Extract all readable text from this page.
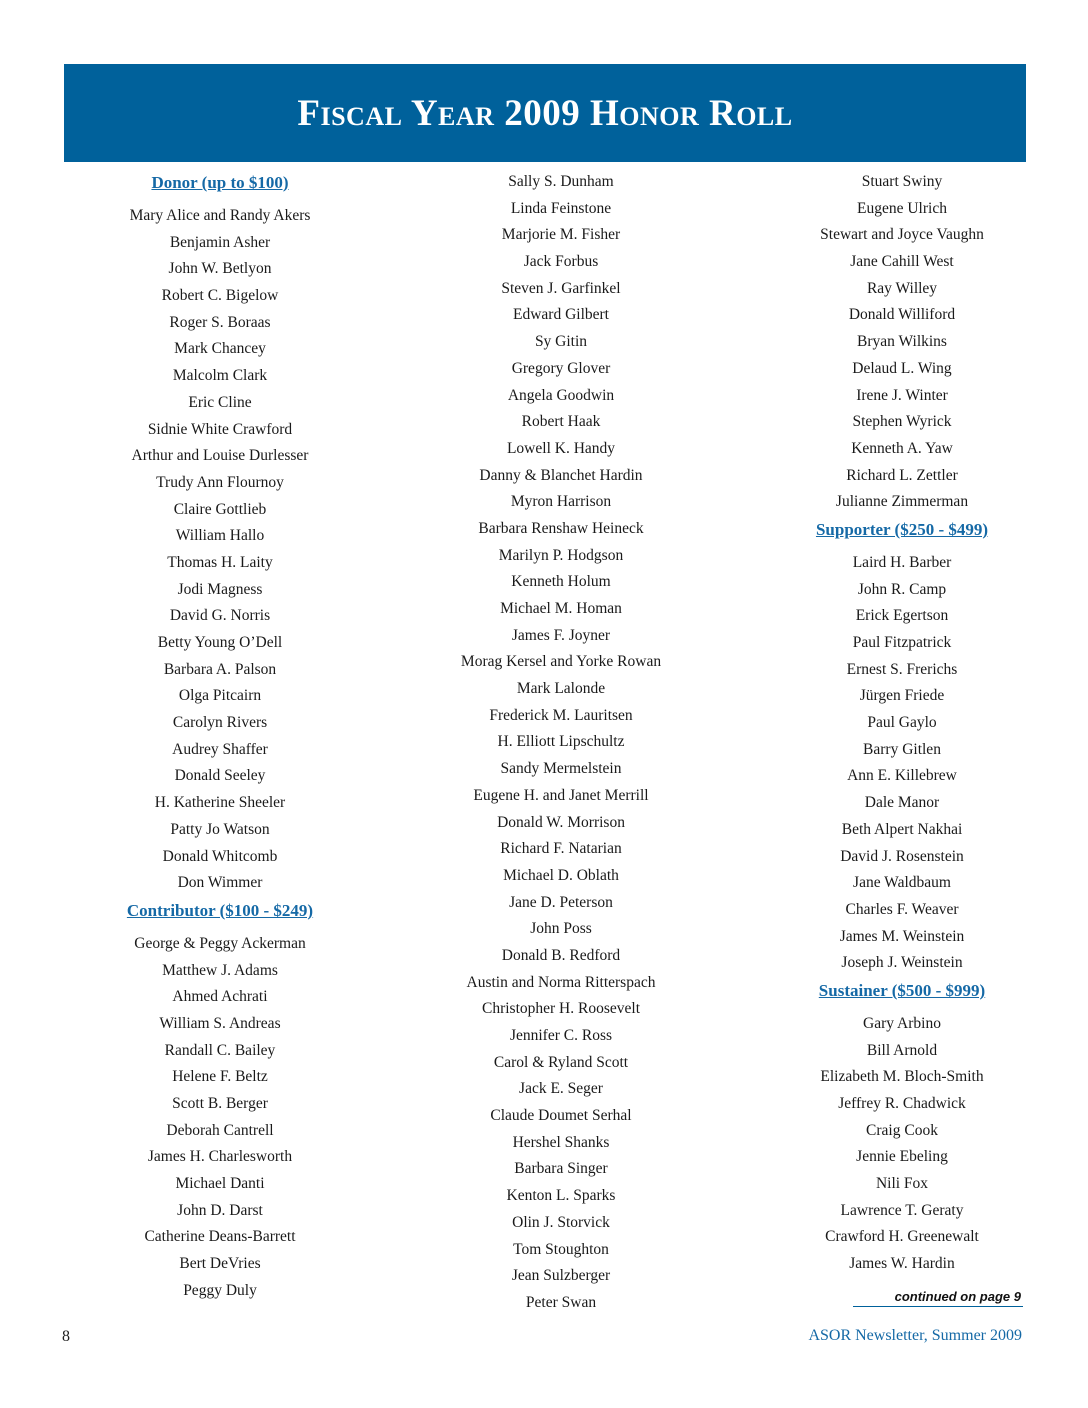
Fiscal Year 2009 Honor Roll
Donor (up to $100)
Mary Alice and Randy Akers
Benjamin Asher
John W. Betlyon
Robert C. Bigelow
Roger S. Boraas
Mark Chancey
Malcolm Clark
Eric Cline
Sidnie White Crawford
Arthur and Louise Durlesser
Trudy Ann Flournoy
Claire Gottlieb
William Hallo
Thomas H. Laity
Jodi Magness
David G. Norris
Betty Young O’Dell
Barbara A. Palson
Olga Pitcairn
Carolyn Rivers
Audrey Shaffer
Donald Seeley
H. Katherine Sheeler
Patty Jo Watson
Donald Whitcomb
Don Wimmer
Contributor ($100 - $249)
George & Peggy Ackerman
Matthew J. Adams
Ahmed Achrati
William S. Andreas
Randall C. Bailey
Helene F. Beltz
Scott B. Berger
Deborah Cantrell
James H. Charlesworth
Michael Danti
John D. Darst
Catherine Deans-Barrett
Bert DeVries
Peggy Duly
Sally S. Dunham
Linda Feinstone
Marjorie M. Fisher
Jack Forbus
Steven J. Garfinkel
Edward Gilbert
Sy Gitin
Gregory Glover
Angela Goodwin
Robert Haak
Lowell K. Handy
Danny & Blanchet Hardin
Myron Harrison
Barbara Renshaw Heineck
Marilyn P. Hodgson
Kenneth Holum
Michael M. Homan
James F. Joyner
Morag Kersel and Yorke Rowan
Mark Lalonde
Frederick M. Lauritsen
H. Elliott Lipschultz
Sandy Mermelstein
Eugene H. and Janet Merrill
Donald W. Morrison
Richard F. Natarian
Michael D. Oblath
Jane D. Peterson
John Poss
Donald B. Redford
Austin and Norma Ritterspach
Christopher H. Roosevelt
Jennifer C. Ross
Carol & Ryland Scott
Jack E. Seger
Claude Doumet Serhal
Hershel Shanks
Barbara Singer
Kenton L. Sparks
Olin J. Storvick
Tom Stoughton
Jean Sulzberger
Peter Swan
Stuart Swiny
Eugene Ulrich
Stewart and Joyce Vaughn
Jane Cahill West
Ray Willey
Donald Williford
Bryan Wilkins
Delaud L. Wing
Irene J. Winter
Stephen Wyrick
Kenneth A. Yaw
Richard L. Zettler
Julianne Zimmerman
Supporter ($250 - $499)
Laird H. Barber
John R. Camp
Erick Egertson
Paul Fitzpatrick
Ernest S. Frerichs
Jürgen Friede
Paul Gaylo
Barry Gitlen
Ann E. Killebrew
Dale Manor
Beth Alpert Nakhai
David J. Rosenstein
Jane Waldbaum
Charles F. Weaver
James M. Weinstein
Joseph J. Weinstein
Sustainer ($500 - $999)
Gary Arbino
Bill Arnold
Elizabeth M. Bloch-Smith
Jeffrey R. Chadwick
Craig Cook
Jennie Ebeling
Nili Fox
Lawrence T. Geraty
Crawford H. Greenewalt
James W. Hardin
continued on page 9
8	ASOR Newsletter, Summer 2009
